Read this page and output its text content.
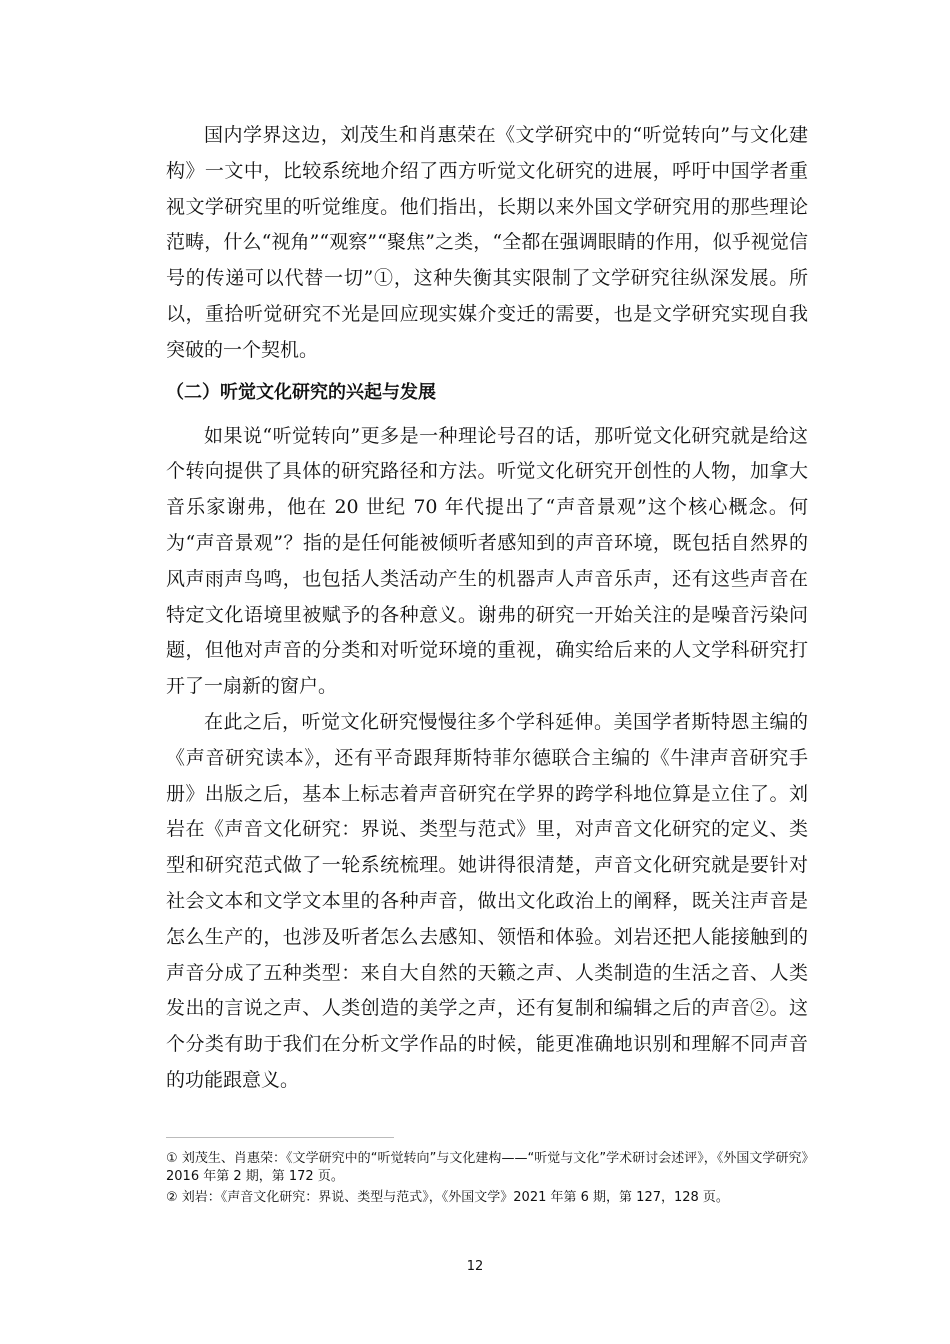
国内学界这边，刘茂生和肖惠荣在《文学研究中的“听觉转向”与文化建构》一文中，比较系统地介绍了西方听觉文化研究的进展，呼吁中国学者重视文学研究里的听觉维度。他们指出，长期以来外国文学研究用的那些理论范畴，什么“视角”“观察”“聚焦”之类，“全都在强调眼睛的作用，似乎视觉信号的传递可以代替一切”①，这种失衡其实限制了文学研究往纵深发展。所以，重拾听觉研究不光是回应现实媒介变迁的需要，也是文学研究实现自我突破的一个契机。

（二）听觉文化研究的兴起与发展

如果说“听觉转向”更多是一种理论号召的话，那听觉文化研究就是给这个转向提供了具体的研究路径和方法。听觉文化研究开创性的人物，加拿大音乐家谢弗，他在 20 世纪 70 年代提出了“声音景观”这个核心概念。何为“声音景观”？指的是任何能被倾听者感知到的声音环境，既包括自然界的风声雨声鸟鸣，也包括人类活动产生的机器声人声音乐声，还有这些声音在特定文化语境里被赋予的各种意义。谢弗的研究一开始关注的是噪音污染问题，但他对声音的分类和对听觉环境的重视，确实给后来的人文学科研究打开了一扇新的窗户。

在此之后，听觉文化研究慢慢往多个学科延伸。美国学者斯特恩主编的《声音研究读本》，还有平奇跟拜斯特菲尔德联合主编的《牛津声音研究手册》出版之后，基本上标志着声音研究在学界的跨学科地位算是立住了。刘岩在《声音文化研究：界说、类型与范式》里，对声音文化研究的定义、类型和研究范式做了一轮系统梳理。她讲得很清楚，声音文化研究就是要针对社会文本和文学文本里的各种声音，做出文化政治上的阐释，既关注声音是怎么生产的，也涉及听者怎么去感知、领悟和体验。刘岩还把人能接触到的声音分成了五种类型：来自大自然的天籁之声、人类制造的生活之音、人类发出的言说之声、人类创造的美学之声，还有复制和编辑之后的声音②。这个分类有助于我们在分析文学作品的时候，能更准确地识别和理解不同声音的功能跟意义。

① 刘茂生、肖惠荣：《文学研究中的“听觉转向”与文化建构——“听觉与文化”学术研讨会述评》，《外国文学研究》2016 年第 2 期，第 172 页。

② 刘岩：《声音文化研究：界说、类型与范式》，《外国文学》2021 年第 6 期，第 127，128 页。

12
